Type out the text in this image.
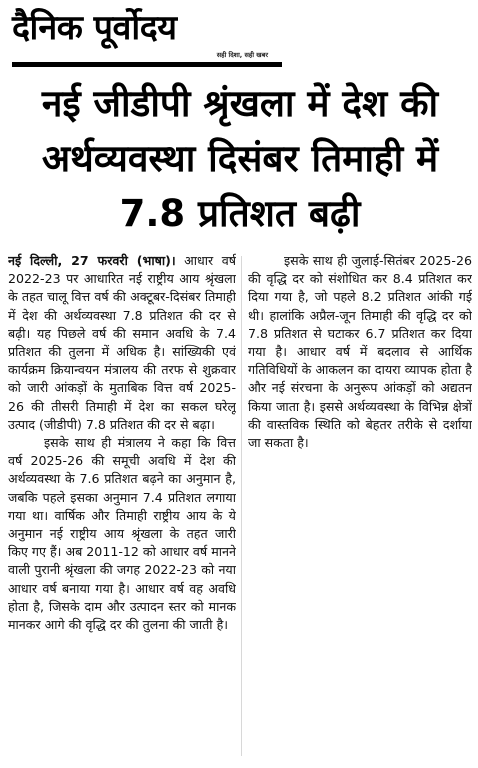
दैनिक पूर्वोदय
सही दिशा, सही खबर
नई जीडीपी श्रृंखला में देश की अर्थव्यवस्था दिसंबर तिमाही में 7.8 प्रतिशत बढ़ी

नई दिल्ली, 27 फरवरी (भाषा)। आधार वर्ष 2022-23 पर आधारित नई राष्ट्रीय आय श्रृंखला के तहत चालू वित्त वर्ष की अक्टूबर-दिसंबर तिमाही में देश की अर्थव्यवस्था 7.8 प्रतिशत की दर से बढ़ी। यह पिछले वर्ष की समान अवधि के 7.4 प्रतिशत की तुलना में अधिक है। सांख्यिकी एवं कार्यक्रम क्रियान्वयन मंत्रालय की तरफ से शुक्रवार को जारी आंकड़ों के मुताबिक वित्त वर्ष 2025-26 की तीसरी तिमाही में देश का सकल घरेलू उत्पाद (जीडीपी) 7.8 प्रतिशत की दर से बढ़ा।

इसके साथ ही मंत्रालय ने कहा कि वित्त वर्ष 2025-26 की समूची अवधि में देश की अर्थव्यवस्था के 7.6 प्रतिशत बढ़ने का अनुमान है, जबकि पहले इसका अनुमान 7.4 प्रतिशत लगाया गया था। वार्षिक और तिमाही राष्ट्रीय आय के ये अनुमान नई राष्ट्रीय आय श्रृंखला के तहत जारी किए गए हैं। अब 2011-12 को आधार वर्ष मानने वाली पुरानी श्रृंखला की जगह 2022-23 को नया आधार वर्ष बनाया गया है। आधार वर्ष वह अवधि होता है, जिसके दाम और उत्पादन स्तर को मानक मानकर आगे की वृद्धि दर की तुलना की जाती है।

इसके साथ ही जुलाई-सितंबर 2025-26 की वृद्धि दर को संशोधित कर 8.4 प्रतिशत कर दिया गया है, जो पहले 8.2 प्रतिशत आंकी गई थी। हालांकि अप्रैल-जून तिमाही की वृद्धि दर को 7.8 प्रतिशत से घटाकर 6.7 प्रतिशत कर दिया गया है। आधार वर्ष में बदलाव से आर्थिक गतिविधियों के आकलन का दायरा व्यापक होता है और नई संरचना के अनुरूप आंकड़ों को अद्यतन किया जाता है। इससे अर्थव्यवस्था के विभिन्न क्षेत्रों की वास्तविक स्थिति को बेहतर तरीके से दर्शाया जा सकता है।
